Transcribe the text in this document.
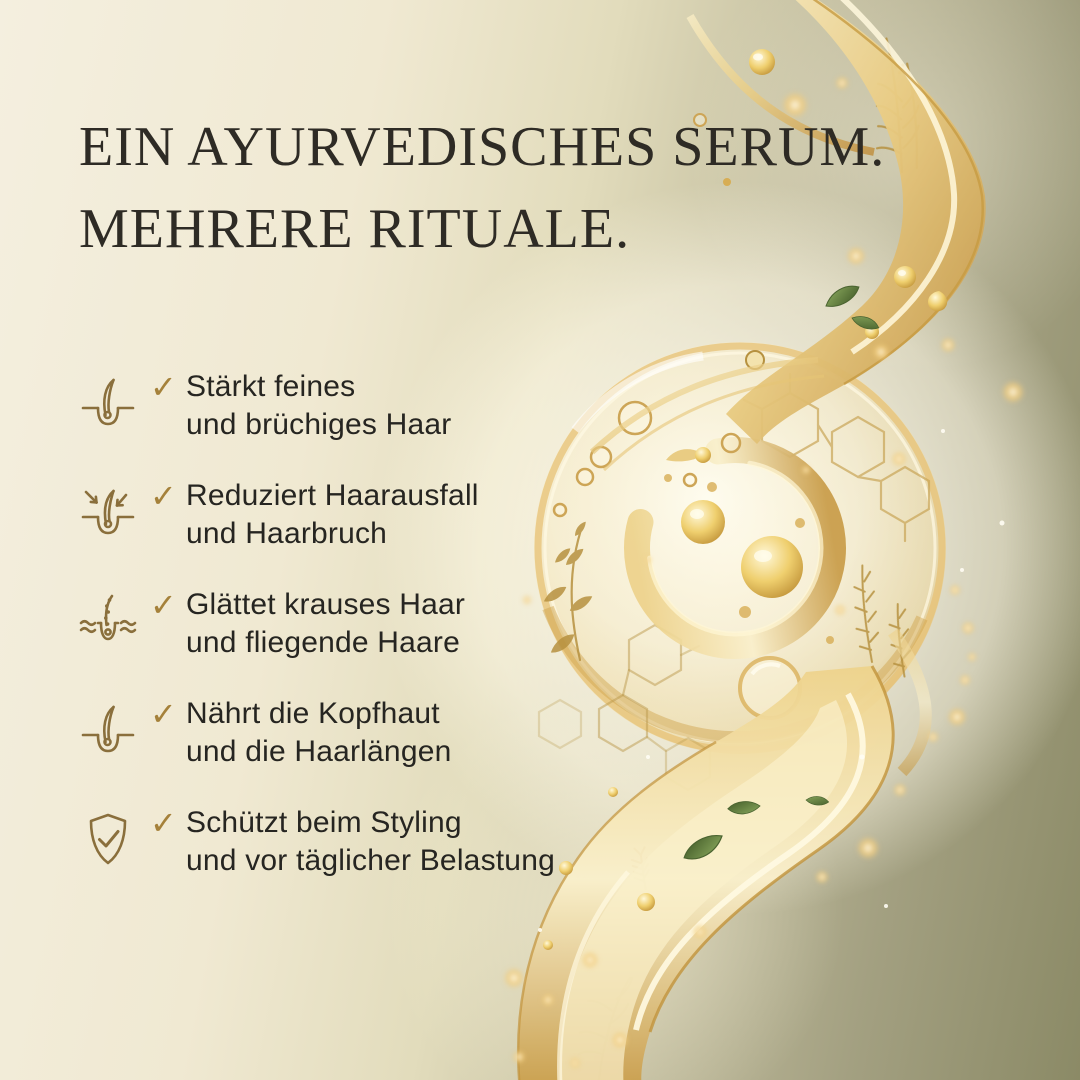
EIN AYURVEDISCHES SERUM.
MEHRERE RITUALE.
✓ Stärkt feines
und brüchiges Haar
✓ Reduziert Haarausfall
und Haarbruch
✓ Glättet krauses Haar
und fliegende Haare
✓ Nährt die Kopfhaut
und die Haarlängen
✓ Schützt beim Styling
und vor täglicher Belastung
